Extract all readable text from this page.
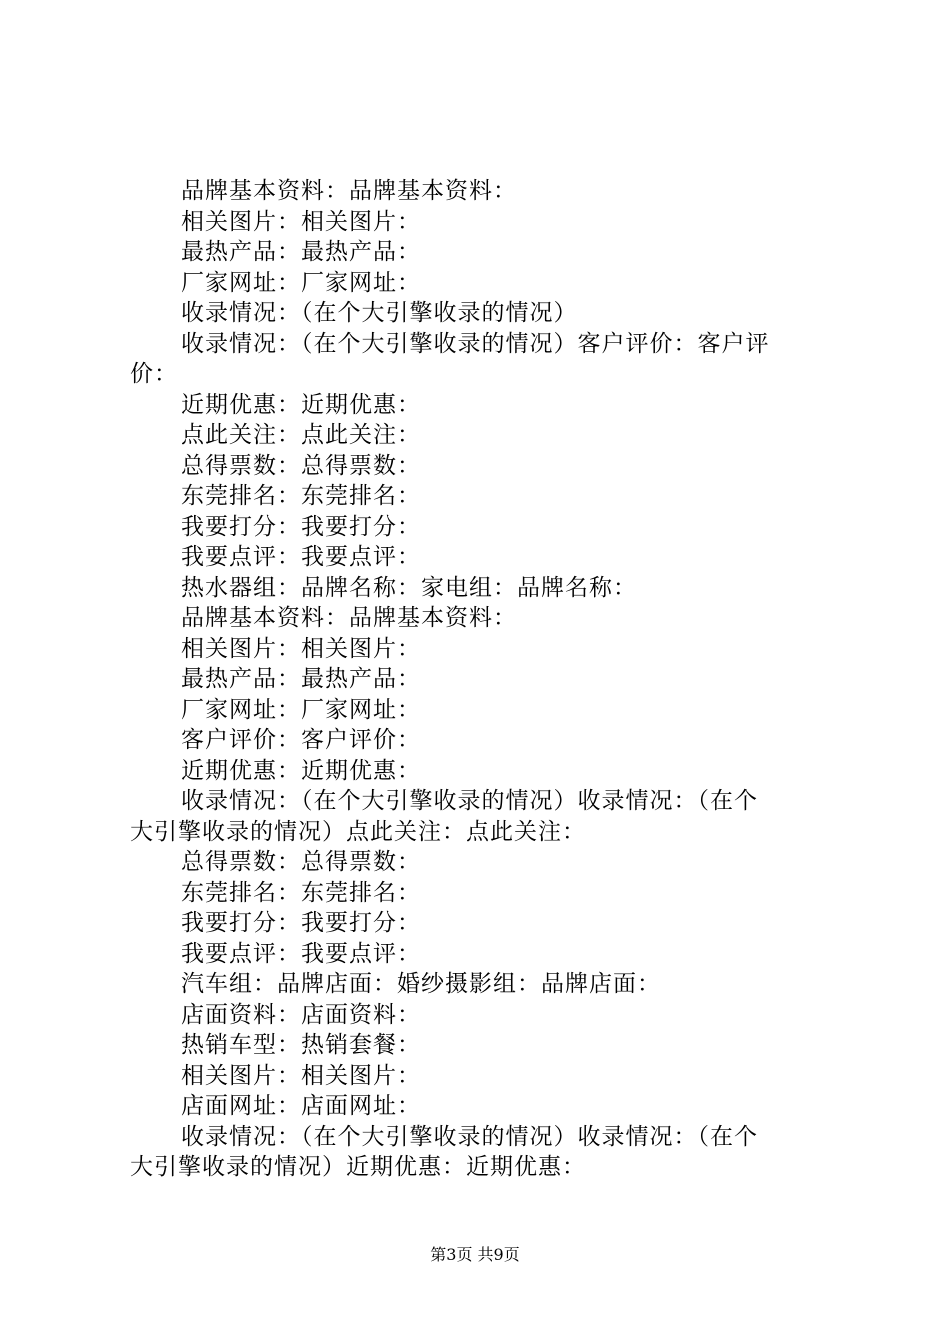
品牌基本资料：品牌基本资料：
相关图片：相关图片：
最热产品：最热产品：
厂家网址：厂家网址：
收录情况：（在个大引擎收录的情况）
收录情况：（在个大引擎收录的情况）客户评价：客户评
价：
近期优惠：近期优惠：
点此关注：点此关注：
总得票数：总得票数：
东莞排名：东莞排名：
我要打分：我要打分：
我要点评：我要点评：
热水器组：品牌名称：家电组：品牌名称：
品牌基本资料：品牌基本资料：
相关图片：相关图片：
最热产品：最热产品：
厂家网址：厂家网址：
客户评价：客户评价：
近期优惠：近期优惠：
收录情况：（在个大引擎收录的情况）收录情况：（在个
大引擎收录的情况）点此关注：点此关注：
总得票数：总得票数：
东莞排名：东莞排名：
我要打分：我要打分：
我要点评：我要点评：
汽车组：品牌店面：婚纱摄影组：品牌店面：
店面资料：店面资料：
热销车型：热销套餐：
相关图片：相关图片：
店面网址：店面网址：
收录情况：（在个大引擎收录的情况）收录情况：（在个
大引擎收录的情况）近期优惠：近期优惠：
第3页 共9页
